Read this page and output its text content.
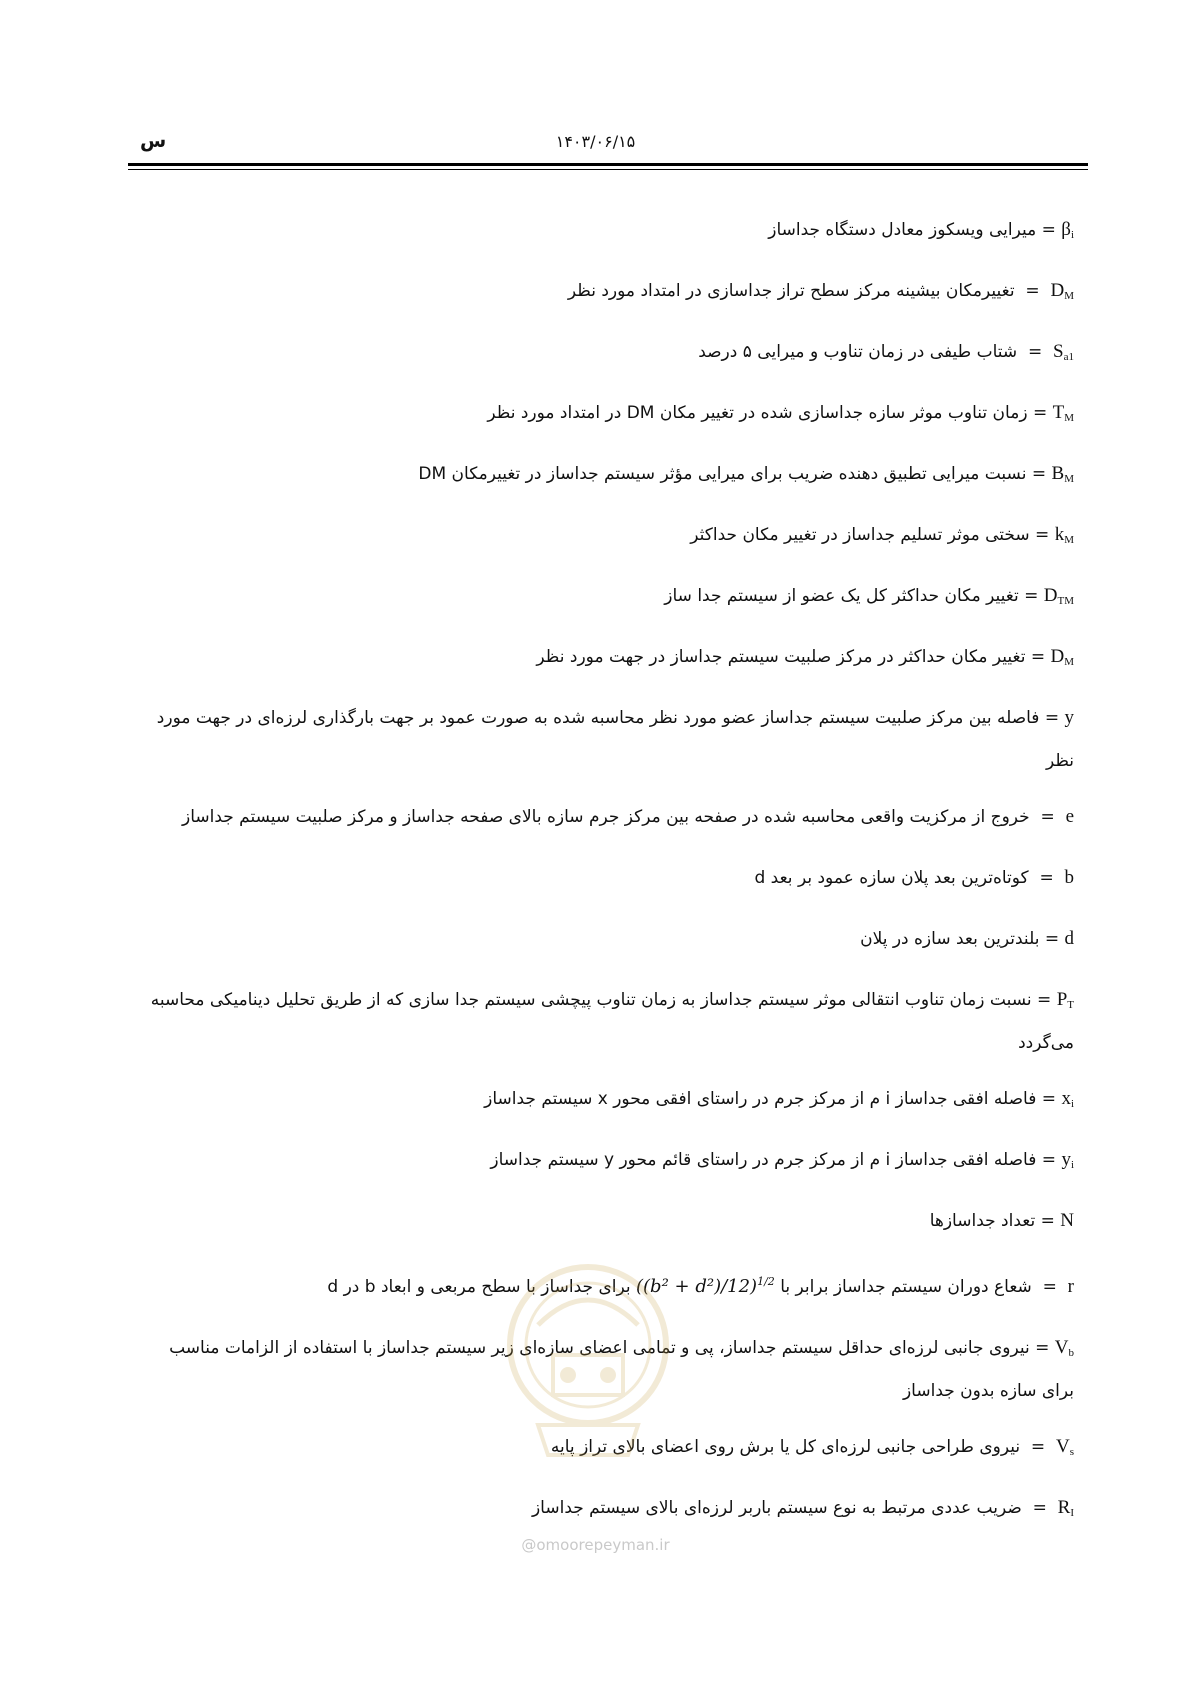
س	۱۴۰۳/۰۶/۱۵

$\beta_i$ = میرایی ویسکوز معادل دستگاه جداساز

$D_M$  =  تغییرمکان بیشینه مرکز سطح تراز جداسازی در امتداد مورد نظر

$S_{a1}$  =  شتاب طیفی در زمان تناوب و میرایی ۵ درصد

$T_M$ = زمان تناوب موثر سازه جداسازی شده در تغییر مکان DM در امتداد مورد نظر

$B_M$ = نسبت میرایی تطبیق دهنده ضریب برای میرایی مؤثر سیستم جداساز در تغییرمکان DM

$k_M$ = سختی موثر تسلیم جداساز در تغییر مکان حداکثر

$D_{TM}$ = تغییر مکان حداکثر کل یک عضو از سیستم جدا ساز

$D_M$ = تغییر مکان حداکثر در مرکز صلبیت سیستم جداساز در جهت مورد نظر

y = فاصله بین مرکز صلبیت سیستم جداساز عضو مورد نظر محاسبه شده به صورت عمود بر جهت بارگذاری لرزه‌ای در جهت مورد نظر

e  =  خروج از مرکزیت واقعی محاسبه شده در صفحه بین مرکز جرم سازه بالای صفحه جداساز و مرکز صلبیت سیستم جداساز

b  =  کوتاه‌ترین بعد پلان سازه عمود بر بعد d

d = بلندترین بعد سازه در پلان

$P_T$ = نسبت زمان تناوب انتقالی موثر سیستم جداساز به زمان تناوب پیچشی سیستم جدا سازی که از طریق تحلیل دینامیکی محاسبه می‌گردد

$x_i$ = فاصله افقی جداساز i م از مرکز جرم در راستای افقی محور x سیستم جداساز

$y_i$ = فاصله افقی جداساز i م از مرکز جرم در راستای قائم محور y سیستم جداساز

N = تعداد جداسازها

r  =  شعاع دوران سیستم جداساز برابر با $((b^2 + d^2)/12)^{1/2}$ برای جداساز با سطح مربعی و ابعاد b در d

$V_b$ = نیروی جانبی لرزه‌ای حداقل سیستم جداساز، پی و تمامی اعضای سازه‌ای زیر سیستم جداساز با استفاده از الزامات مناسب برای سازه بدون جداساز

$V_s$  =  نیروی طراحی جانبی لرزه‌ای کل یا برش روی اعضای بالای تراز پایه

$R_I$  =  ضریب عددی مرتبط به نوع سیستم باربر لرزه‌ای بالای سیستم جداساز

@omoorepeyman.ir
